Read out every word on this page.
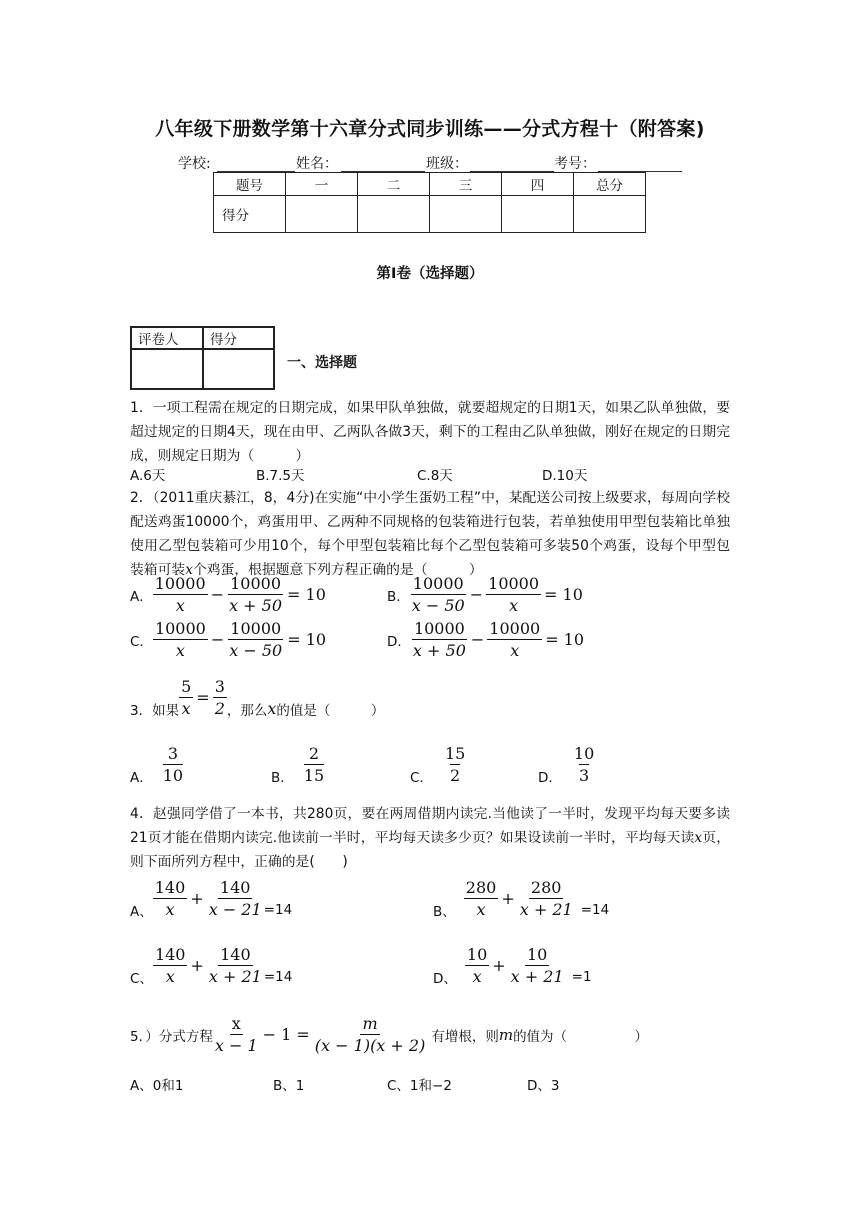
八年级下册数学第十六章分式同步训练——分式方程十（附答案)
学校:	姓名：	班级：	考号：
题号	一	二	三	四	总分
得分					
第Ⅰ卷（选择题）
评卷人	得分

一、选择题
1．一项工程需在规定的日期完成，如果甲队单独做，就要超规定的日期1天，如果乙队单独做，要超过规定的日期4天，现在由甲、乙两队各做3天，剩下的工程由乙队单独做，刚好在规定的日期完成，则规定日期为（　　　）
A.6天	B.7.5天	C.8天	D.10天
2．（2011重庆綦江，8，4分)在实施“中小学生蛋奶工程”中，某配送公司按上级要求，每周向学校配送鸡蛋10000个，鸡蛋用甲、乙两种不同规格的包装箱进行包装，若单独使用甲型包装箱比单独使用乙型包装箱可少用10个，每个甲型包装箱比每个乙型包装箱可多装50个鸡蛋，设每个甲型包装箱可装x个鸡蛋，根据题意下列方程正确的是（　　　）
A． $\frac{10000}{x} - \frac{10000}{x + 50} = 10$	B． $\frac{10000}{x - 50} - \frac{10000}{x} = 10$
C． $\frac{10000}{x} - \frac{10000}{x - 50} = 10$	D． $\frac{10000}{x + 50} - \frac{10000}{x} = 10$
3．如果 $\frac{5}{x} = \frac{3}{2}$ ，那么 x 的值是（　　　）
A． $\frac{3}{10}$	B． $\frac{2}{15}$	C． $\frac{15}{2}$	D． $\frac{10}{3}$
4．赵强同学借了一本书，共280页，要在两周借期内读完.当他读了一半时，发现平均每天要多读21页才能在借期内读完.他读前一半时，平均每天读多少页？如果设读前一半时，平均每天读x页，则下面所列方程中，正确的是(　　)
A、 $\frac{140}{x} + \frac{140}{x - 21} =14$	B、 $\frac{280}{x} + \frac{280}{x + 21} =14$
C、 $\frac{140}{x} + \frac{140}{x + 21} =14$	D、 $\frac{10}{x} + \frac{10}{x + 21} =1$
5．）分式方程 $\frac{x}{x - 1} - 1 = \frac{m}{(x - 1)(x + 2)}$ 有增根，则 m 的值为（　　　　　）
A、0和1	B、1	C、1和−2	D、3
